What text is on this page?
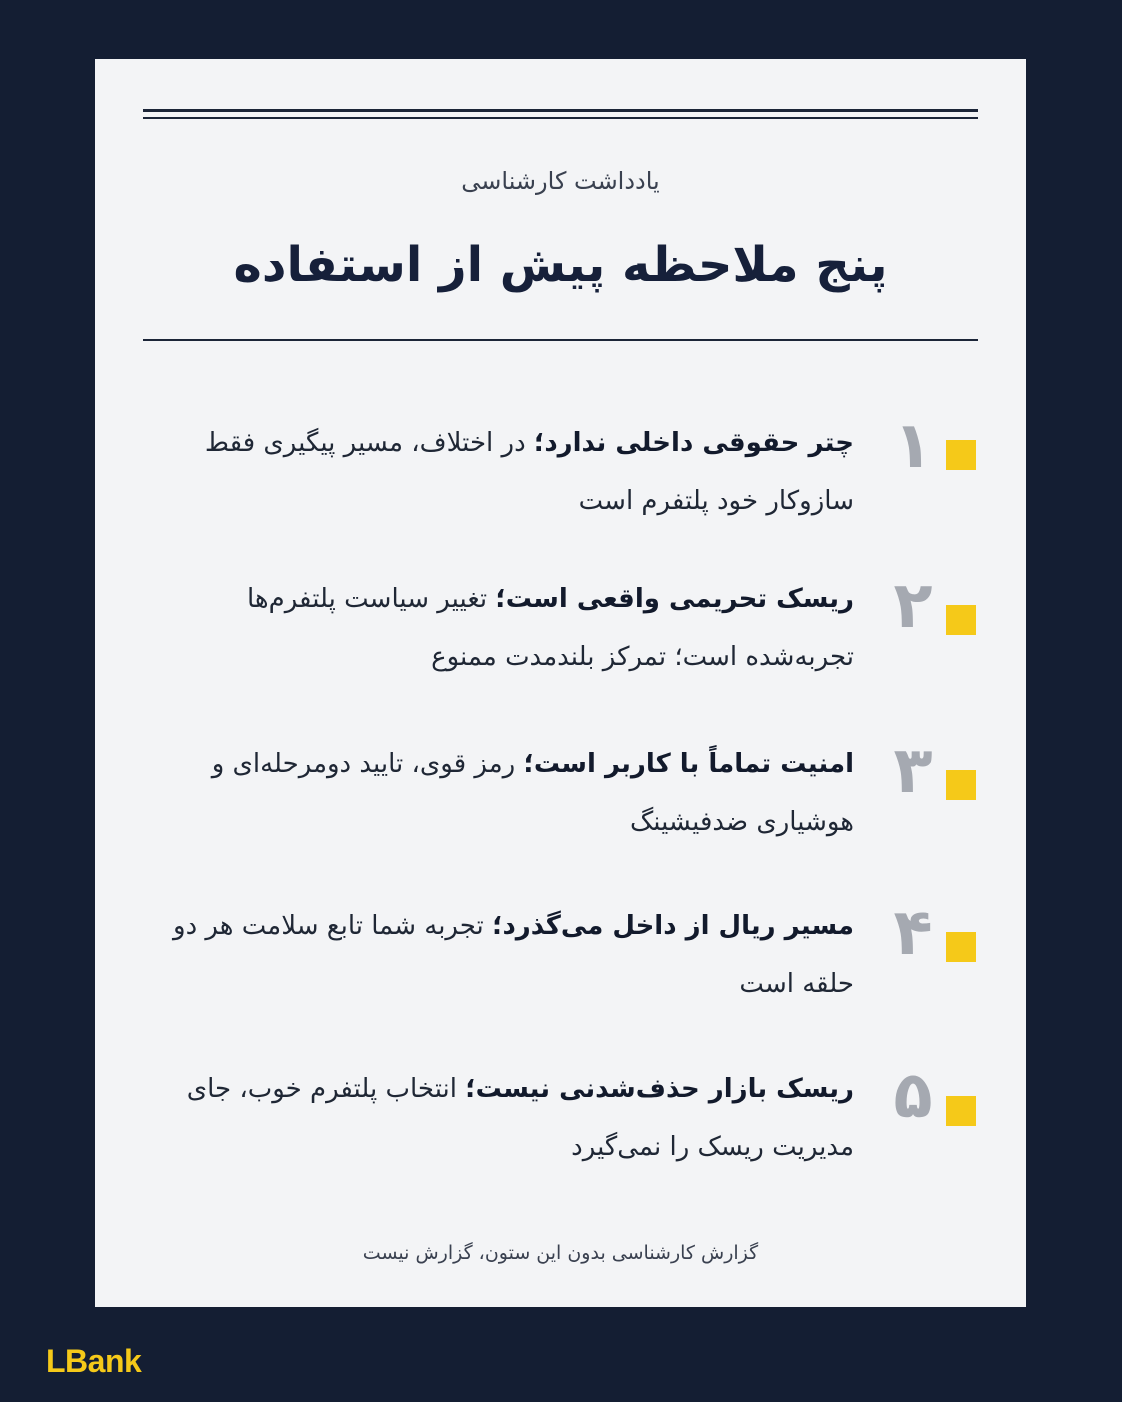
یادداشت کارشناسی
پنج ملاحظه پیش از استفاده
۱
چتر حقوقی داخلی ندارد؛ در اختلاف، مسیر پیگیری فقط سازوکار خود پلتفرم است
۲
ریسک تحریمی واقعی است؛ تغییر سیاست پلتفرم‌ها تجربه‌شده است؛ تمرکز بلندمدت ممنوع
۳
امنیت تماماً با کاربر است؛ رمز قوی، تایید دومرحله‌ای و هوشیاری ضدفیشینگ
۴
مسیر ریال از داخل می‌گذرد؛ تجربه شما تابع سلامت هر دو حلقه است
۵
ریسک بازار حذف‌شدنی نیست؛ انتخاب پلتفرم خوب، جای مدیریت ریسک را نمی‌گیرد
گزارش کارشناسی بدون این ستون، گزارش نیست
LBank
